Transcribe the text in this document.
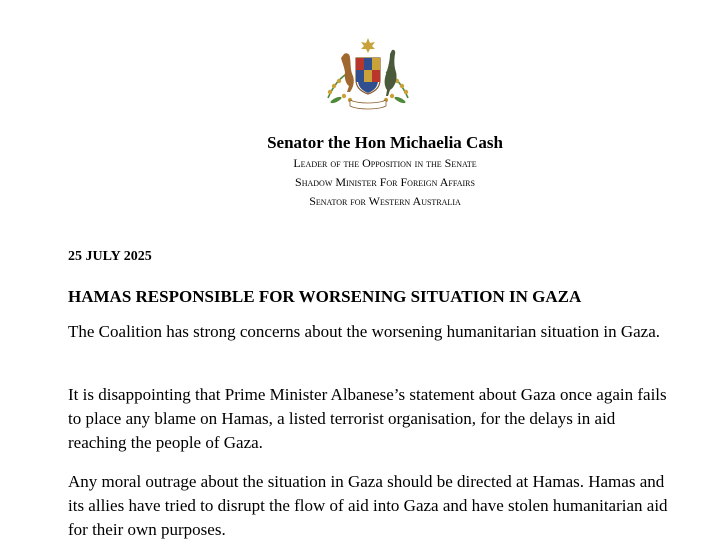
Senator the Hon Michaelia Cash

Leader of the Opposition in the Senate

Shadow Minister For Foreign Affairs

Senator for Western Australia

25 JULY 2025
HAMAS RESPONSIBLE FOR WORSENING SITUATION IN GAZA

The Coalition has strong concerns about the worsening humanitarian situation in Gaza.

It is disappointing that Prime Minister Albanese’s statement about Gaza once again fails to place any blame on Hamas, a listed terrorist organisation, for the delays in aid reaching the people of Gaza.

Any moral outrage about the situation in Gaza should be directed at Hamas. Hamas and its allies have tried to disrupt the flow of aid into Gaza and have stolen humanitarian aid for their own purposes.
